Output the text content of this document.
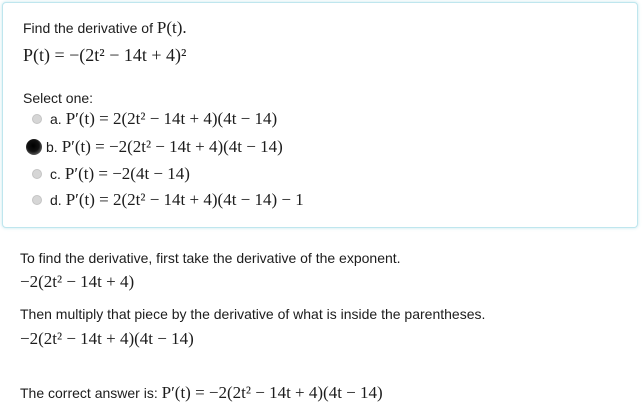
Find the derivative of P(t).
P(t) = −(2t² − 14t + 4)²
Select one:
a. P′(t) = 2(2t² − 14t + 4)(4t − 14)
b. P′(t) = −2(2t² − 14t + 4)(4t − 14)
c. P′(t) = −2(4t − 14)
d. P′(t) = 2(2t² − 14t + 4)(4t − 14) − 1
To find the derivative, first take the derivative of the exponent.
−2(2t² − 14t + 4)
Then multiply that piece by the derivative of what is inside the parentheses.
−2(2t² − 14t + 4)(4t − 14)
The correct answer is: P′(t) = −2(2t² − 14t + 4)(4t − 14)
